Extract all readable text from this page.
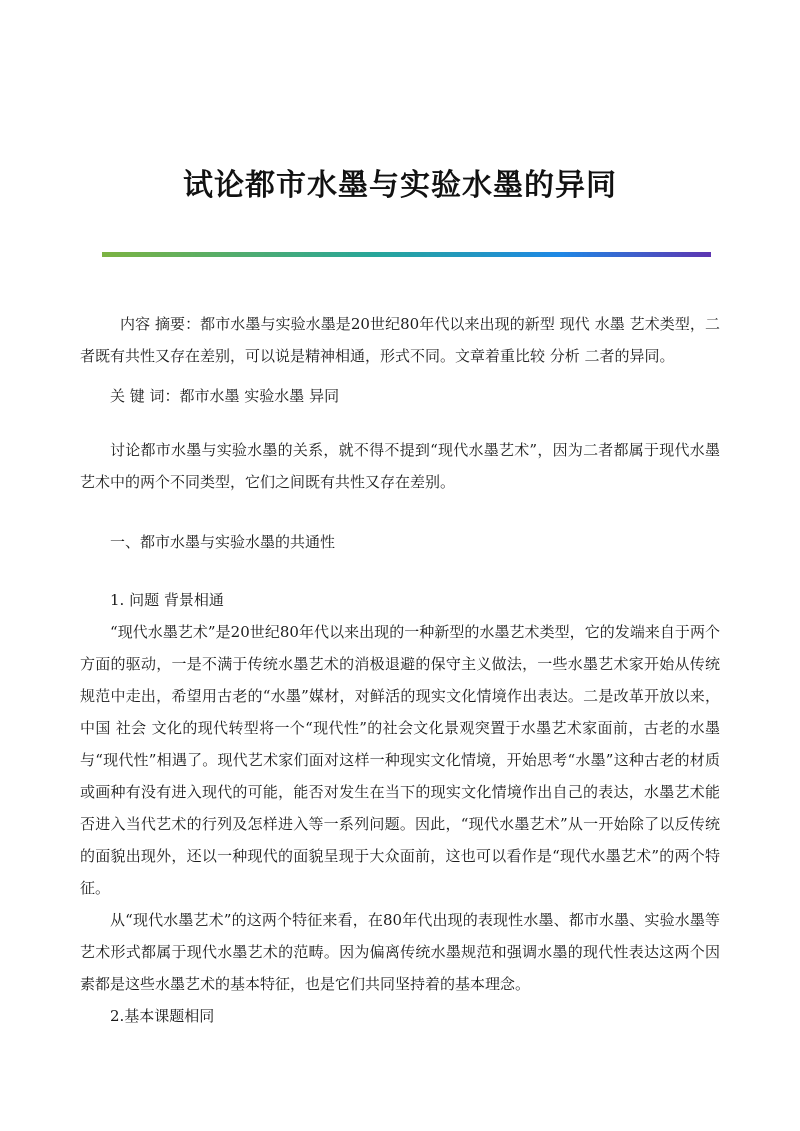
试论都市水墨与实验水墨的异同

内容 摘要：都市水墨与实验水墨是20世纪80年代以来出现的新型 现代 水墨 艺术类型，二者既有共性又存在差别，可以说是精神相通，形式不同。文章着重比较 分析 二者的异同。

关 键 词：都市水墨 实验水墨 异同

讨论都市水墨与实验水墨的关系，就不得不提到“现代水墨艺术”，因为二者都属于现代水墨艺术中的两个不同类型，它们之间既有共性又存在差别。

一、都市水墨与实验水墨的共通性

1. 问题 背景相通

“现代水墨艺术”是20世纪80年代以来出现的一种新型的水墨艺术类型，它的发端来自于两个方面的驱动，一是不满于传统水墨艺术的消极退避的保守主义做法，一些水墨艺术家开始从传统规范中走出，希望用古老的“水墨”媒材，对鲜活的现实文化情境作出表达。二是改革开放以来， 中国 社会 文化的现代转型将一个“现代性”的社会文化景观突置于水墨艺术家面前，古老的水墨与“现代性”相遇了。现代艺术家们面对这样一种现实文化情境，开始思考“水墨”这种古老的材质或画种有没有进入现代的可能，能否对发生在当下的现实文化情境作出自己的表达，水墨艺术能否进入当代艺术的行列及怎样进入等一系列问题。因此，“现代水墨艺术”从一开始除了以反传统的面貌出现外，还以一种现代的面貌呈现于大众面前，这也可以看作是“现代水墨艺术”的两个特征。

从“现代水墨艺术”的这两个特征来看，在80年代出现的表现性水墨、都市水墨、实验水墨等艺术形式都属于现代水墨艺术的范畴。因为偏离传统水墨规范和强调水墨的现代性表达这两个因素都是这些水墨艺术的基本特征，也是它们共同坚持着的基本理念。

2.基本课题相同
